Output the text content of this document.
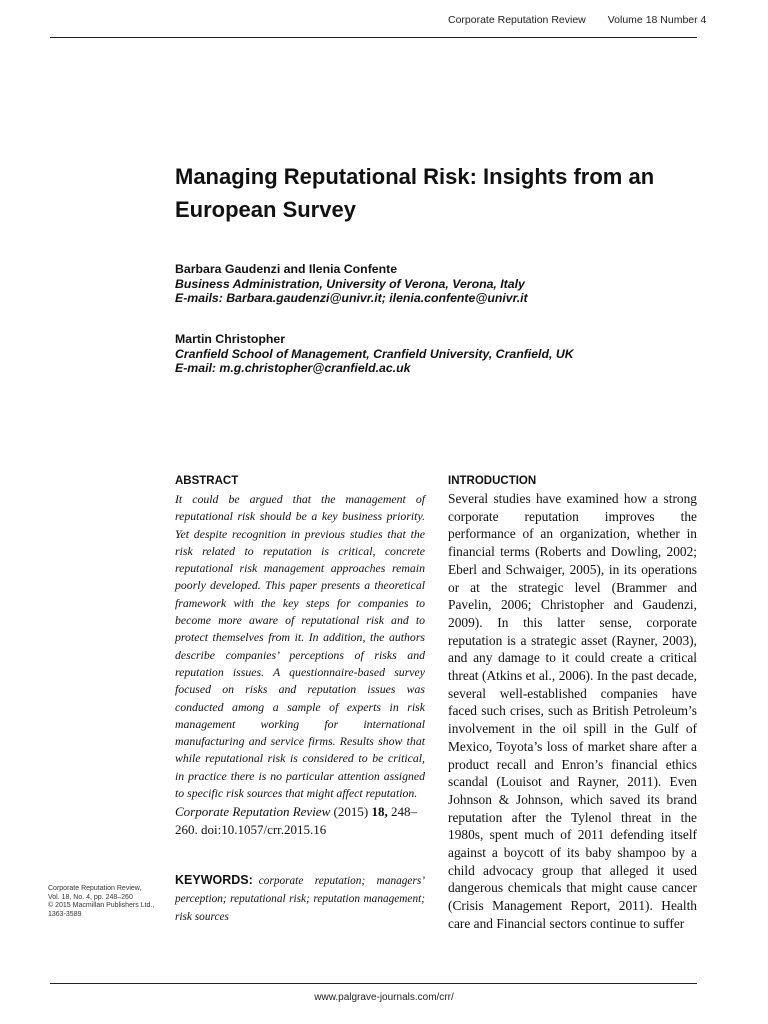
Corporate Reputation Review Volume 18 Number 4
Managing Reputational Risk: Insights from an European Survey
Barbara Gaudenzi and Ilenia Confente
Business Administration, University of Verona, Verona, Italy
E-mails: Barbara.gaudenzi@univr.it; ilenia.confente@univr.it
Martin Christopher
Cranfield School of Management, Cranfield University, Cranfield, UK
E-mail: m.g.christopher@cranfield.ac.uk
ABSTRACT
It could be argued that the management of reputational risk should be a key business priority. Yet despite recognition in previous studies that the risk related to reputation is critical, concrete reputational risk management approaches remain poorly developed. This paper presents a theoretical framework with the key steps for companies to become more aware of reputational risk and to protect themselves from it. In addition, the authors describe companies’ perceptions of risks and reputation issues. A questionnaire-based survey focused on risks and reputation issues was conducted among a sample of experts in risk management working for international manufacturing and service firms. Results show that while reputational risk is considered to be critical, in practice there is no particular attention assigned to specific risk sources that might affect reputation.
Corporate Reputation Review (2015) 18, 248–260. doi:10.1057/crr.2015.16
KEYWORDS: corporate reputation; managers’ perception; reputational risk; reputation management; risk sources
INTRODUCTION
Several studies have examined how a strong corporate reputation improves the performance of an organization, whether in financial terms (Roberts and Dowling, 2002; Eberl and Schwaiger, 2005), in its operations or at the strategic level (Brammer and Pavelin, 2006; Christopher and Gaudenzi, 2009). In this latter sense, corporate reputation is a strategic asset (Rayner, 2003), and any damage to it could create a critical threat (Atkins et al., 2006). In the past decade, several well-established companies have faced such crises, such as British Petroleum’s involvement in the oil spill in the Gulf of Mexico, Toyota’s loss of market share after a product recall and Enron’s financial ethics scandal (Louisot and Rayner, 2011). Even Johnson & Johnson, which saved its brand reputation after the Tylenol threat in the 1980s, spent much of 2011 defending itself against a boycott of its baby shampoo by a child advocacy group that alleged it used dangerous chemicals that might cause cancer (Crisis Management Report, 2011). Health care and Financial sectors continue to suffer
Corporate Reputation Review,
Vol. 18, No. 4, pp. 248–260
© 2015 Macmillan Publishers Ltd.,
1363-3589
www.palgrave-journals.com/crr/
